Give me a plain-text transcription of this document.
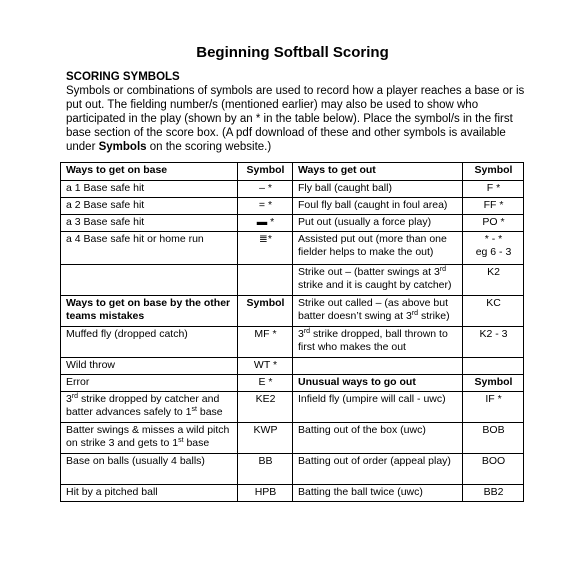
Beginning Softball Scoring
SCORING SYMBOLS
Symbols or combinations of symbols are used to record how a player reaches a base or is put out. The fielding number/s (mentioned earlier) may also be used to show who participated in the play (shown by an * in the table below). Place the symbol/s in the first base section of the score box. (A pdf download of these and other symbols is available under Symbols on the scoring website.)
Ways to get on base	Symbol	Ways to get out	Symbol
a 1 Base safe hit	– *	Fly ball (caught ball)	F *
a 2 Base safe hit	= *	Foul fly ball (caught in foul area)	FF *
a 3 Base safe hit	▬ *	Put out (usually a force play)	PO *
a 4 Base safe hit or home run	≣*	Assisted put out (more than one fielder helps to make the out)	* - *
eg 6 - 3
		Strike out – (batter swings at 3rd strike and it is caught by catcher)	K2
Ways to get on base by the other teams mistakes	Symbol	Strike out called – (as above but batter doesn’t swing at 3rd strike)	KC
Muffed fly (dropped catch)	MF *	3rd strike dropped, ball thrown to first who makes the out	K2 - 3
Wild throw	WT *		
Error	E *	Unusual ways to go out	Symbol
3rd strike dropped by catcher and batter advances safely to 1st base	KE2	Infield fly (umpire will call - uwc)	IF *
Batter swings & misses a wild pitch on strike 3 and gets to 1st base	KWP	Batting out of the box (uwc)	BOB
Base on balls (usually 4 balls)	BB	Batting out of order (appeal play)	BOO
Hit by a pitched ball	HPB	Batting the ball twice (uwc)	BB2
